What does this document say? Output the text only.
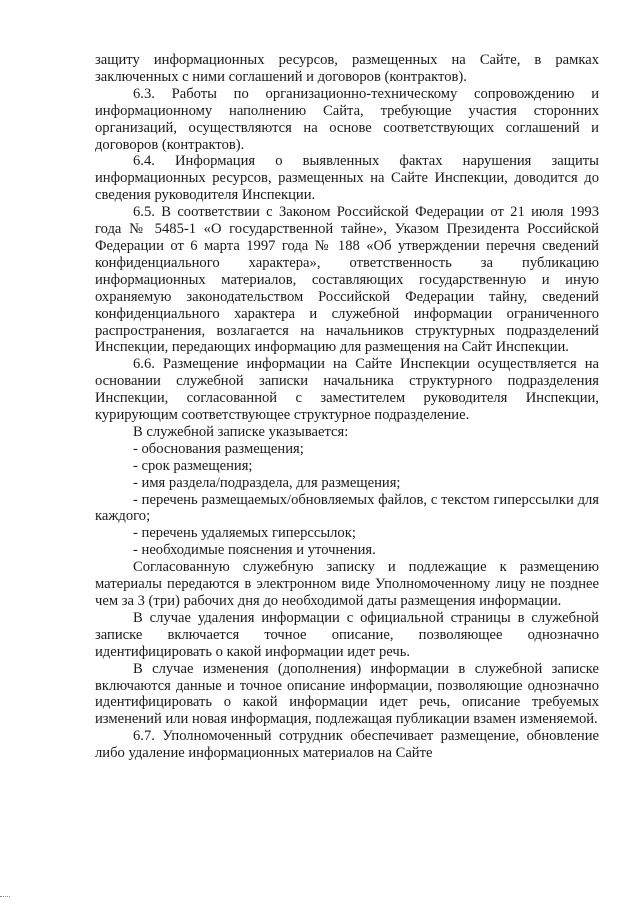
защиту информационных ресурсов, размещенных на Сайте, в рамках заключенных с ними соглашений и договоров (контрактов).

6.3. Работы по организационно-техническому сопровождению и информационному наполнению Сайта, требующие участия сторонних организаций, осуществляются на основе соответствующих соглашений и договоров (контрактов).

6.4. Информация о выявленных фактах нарушения защиты информационных ресурсов, размещенных на Сайте Инспекции, доводится до сведения руководителя Инспекции.

6.5. В соответствии с Законом Российской Федерации от 21 июля 1993 года № 5485-1 «О государственной тайне», Указом Президента Российской Федерации от 6 марта 1997 года № 188 «Об утверждении перечня сведений конфиденциального характера», ответственность за публикацию информационных материалов, составляющих государственную и иную охраняемую законодательством Российской Федерации тайну, сведений конфиденциального характера и служебной информации ограниченного распространения, возлагается на начальников структурных подразделений Инспекции, передающих информацию для размещения на Сайт Инспекции.

6.6. Размещение информации на Сайте Инспекции осуществляется на основании служебной записки начальника структурного подразделения Инспекции, согласованной с заместителем руководителя Инспекции, курирующим соответствующее структурное подразделение.

В служебной записке указывается:

- обоснования размещения;

- срок размещения;

- имя раздела/подраздела, для размещения;

- перечень размещаемых/обновляемых файлов, с текстом гиперссылки для каждого;

- перечень удаляемых гиперссылок;

- необходимые пояснения и уточнения.

Согласованную служебную записку и подлежащие к размещению материалы передаются в электронном виде Уполномоченному лицу не позднее чем за 3 (три) рабочих дня до необходимой даты размещения информации.

В случае удаления информации с официальной страницы в служебной записке включается точное описание, позволяющее однозначно идентифицировать о какой информации идет речь.

В случае изменения (дополнения) информации в служебной записке включаются данные и точное описание информации, позволяющие однозначно идентифицировать о какой информации идет речь, описание требуемых изменений или новая информация, подлежащая публикации взамен изменяемой.

6.7. Уполномоченный сотрудник обеспечивает размещение, обновление либо удаление информационных материалов на Сайте
